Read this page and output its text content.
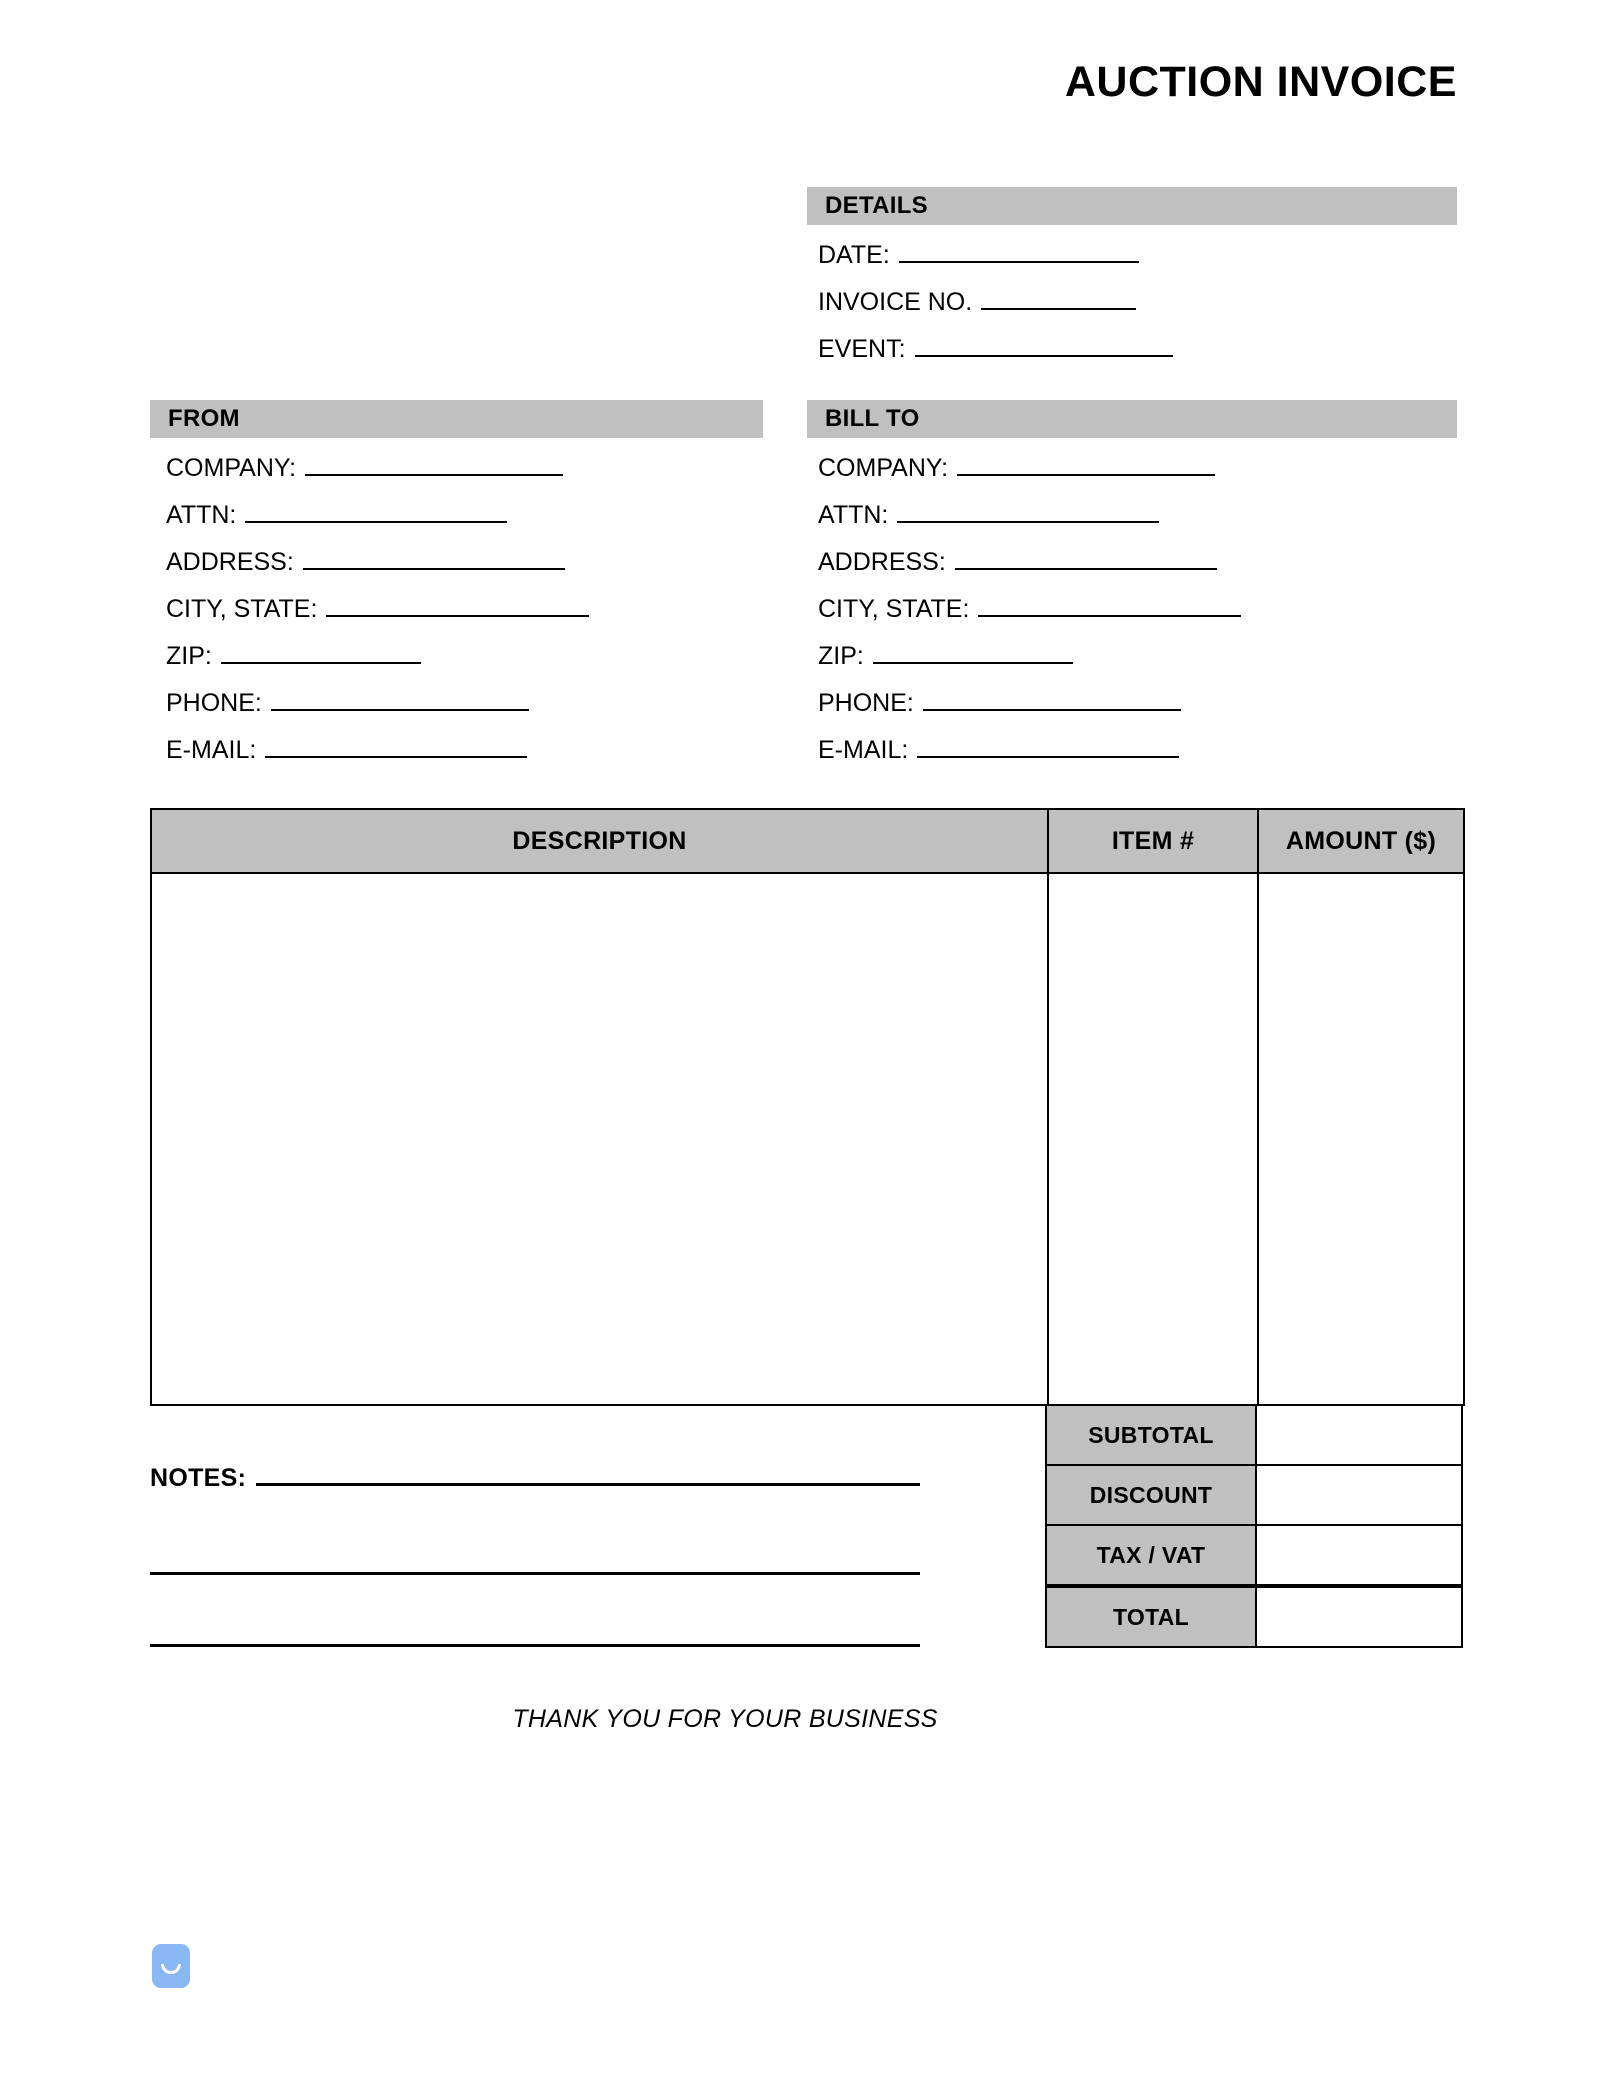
AUCTION INVOICE
DETAILS
DATE:
INVOICE NO.
EVENT:
FROM
COMPANY:
ATTN:
ADDRESS:
CITY, STATE:
ZIP:
PHONE:
E-MAIL:
BILL TO
COMPANY:
ATTN:
ADDRESS:
CITY, STATE:
ZIP:
PHONE:
E-MAIL:
DESCRIPTION	ITEM #	AMOUNT ($)

SUBTOTAL	
DISCOUNT	
TAX / VAT	
TOTAL	
NOTES:
THANK YOU FOR YOUR BUSINESS
